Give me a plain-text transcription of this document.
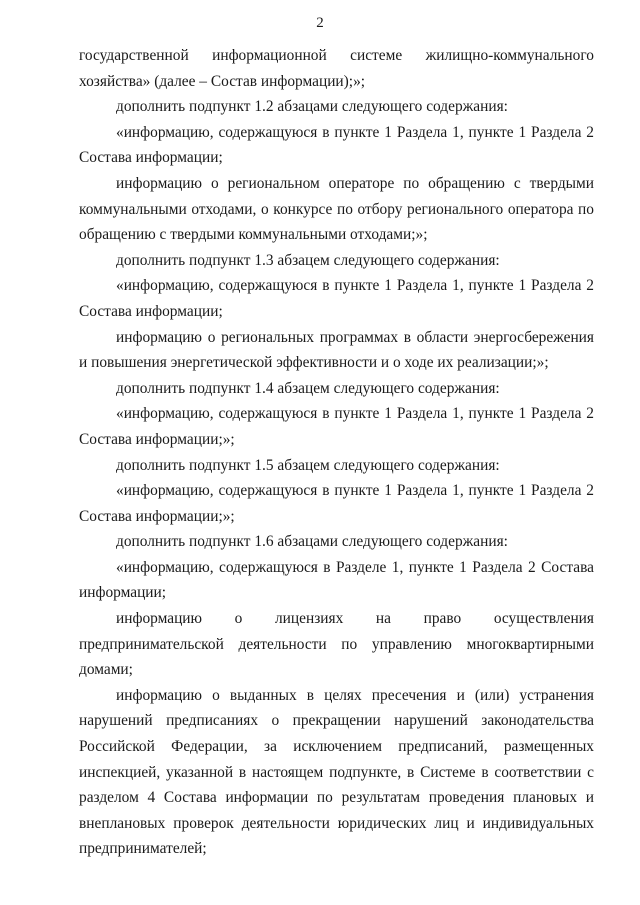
2

государственной информационной системе жилищно-коммунального хозяйства» (далее – Состав информации);»;

дополнить подпункт 1.2 абзацами следующего содержания:

«информацию, содержащуюся в пункте 1 Раздела 1, пункте 1 Раздела 2 Состава информации;

информацию о региональном операторе по обращению с твердыми коммунальными отходами, о конкурсе по отбору регионального оператора по обращению с твердыми коммунальными отходами;»;

дополнить подпункт 1.3 абзацем следующего содержания:

«информацию, содержащуюся в пункте 1 Раздела 1, пункте 1 Раздела 2 Состава информации;

информацию о региональных программах в области энергосбережения и повышения энергетической эффективности и о ходе их реализации;»;

дополнить подпункт 1.4 абзацем следующего содержания:

«информацию, содержащуюся в пункте 1 Раздела 1, пункте 1 Раздела 2 Состава информации;»;

дополнить подпункт 1.5 абзацем следующего содержания:

«информацию, содержащуюся в пункте 1 Раздела 1, пункте 1 Раздела 2 Состава информации;»;

дополнить подпункт 1.6 абзацами следующего содержания:

«информацию, содержащуюся в Разделе 1, пункте 1 Раздела 2 Состава информации;

информацию о лицензиях на право осуществления предпринимательской деятельности по управлению многоквартирными домами;

информацию о выданных в целях пресечения и (или) устранения нарушений предписаниях о прекращении нарушений законодательства Российской Федерации, за исключением предписаний, размещенных инспекцией, указанной в настоящем подпункте, в Системе в соответствии с разделом 4 Состава информации по результатам проведения плановых и внеплановых проверок деятельности юридических лиц и индивидуальных предпринимателей;
